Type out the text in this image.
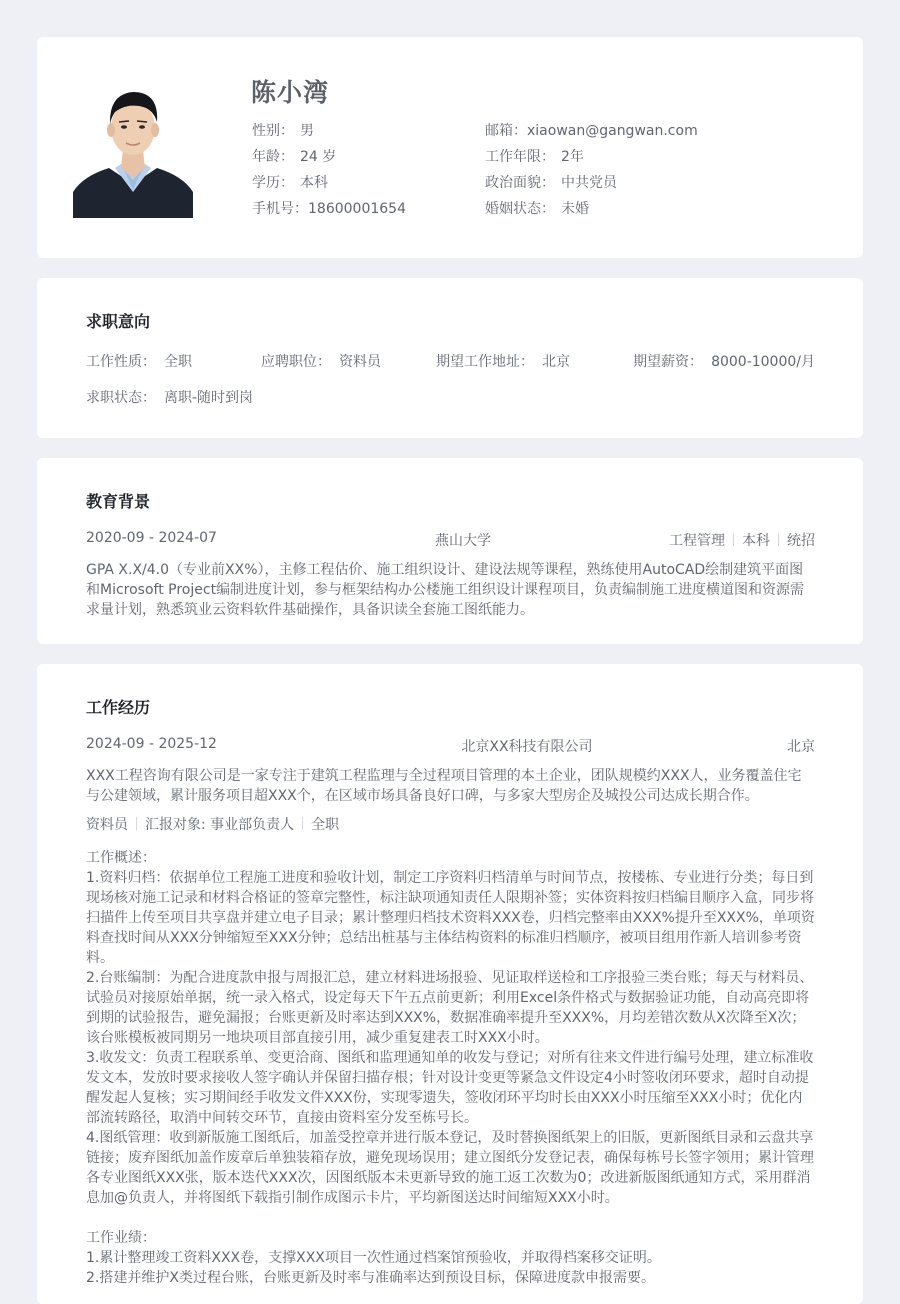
陈小湾
性别： 男
年龄： 24 岁
学历： 本科
手机号：18600001654
邮箱：xiaowan@gangwan.com
工作年限： 2年
政治面貌： 中共党员
婚姻状态： 未婚
求职意向
工作性质： 全职	应聘职位： 资料员	期望工作地址： 北京	期望薪资： 8000-10000/月
求职状态： 离职-随时到岗
教育背景
2020-09 - 2024-07	燕山大学	工程管理 本科 统招
GPA X.X/4.0（专业前XX%），主修工程估价、施工组织设计、建设法规等课程，熟练使用AutoCAD绘制建筑平面图和Microsoft Project编制进度计划，参与框架结构办公楼施工组织设计课程项目，负责编制施工进度横道图和资源需求量计划，熟悉筑业云资料软件基础操作，具备识读全套施工图纸能力。
工作经历
2024-09 - 2025-12	北京XX科技有限公司	北京
XXX工程咨询有限公司是一家专注于建筑工程监理与全过程项目管理的本土企业，团队规模约XXX人，业务覆盖住宅与公建领域，累计服务项目超XXX个，在区域市场具备良好口碑，与多家大型房企及城投公司达成长期合作。
资料员 汇报对象: 事业部负责人 全职
工作概述：
1.资料归档：依据单位工程施工进度和验收计划，制定工序资料归档清单与时间节点，按楼栋、专业进行分类；每日到现场核对施工记录和材料合格证的签章完整性，标注缺项通知责任人限期补签；实体资料按归档编目顺序入盒，同步将扫描件上传至项目共享盘并建立电子目录；累计整理归档技术资料XXX卷，归档完整率由XXX%提升至XXX%，单项资料查找时间从XXX分钟缩短至XXX分钟；总结出桩基与主体结构资料的标准归档顺序，被项目组用作新人培训参考资料。
2.台账编制：为配合进度款申报与周报汇总，建立材料进场报验、见证取样送检和工序报验三类台账；每天与材料员、试验员对接原始单据，统一录入格式，设定每天下午五点前更新；利用Excel条件格式与数据验证功能，自动高亮即将到期的试验报告，避免漏报；台账更新及时率达到XXX%，数据准确率提升至XXX%，月均差错次数从X次降至X次；该台账模板被同期另一地块项目部直接引用，减少重复建表工时XXX小时。
3.收发文：负责工程联系单、变更洽商、图纸和监理通知单的收发与登记；对所有往来文件进行编号处理，建立标准收发文本，发放时要求接收人签字确认并保留扫描存根；针对设计变更等紧急文件设定4小时签收闭环要求，超时自动提醒发起人复核；实习期间经手收发文件XXX份，实现零遗失，签收闭环平均时长由XXX小时压缩至XXX小时；优化内部流转路径，取消中间转交环节，直接由资料室分发至栋号长。
4.图纸管理：收到新版施工图纸后，加盖受控章并进行版本登记，及时替换图纸架上的旧版，更新图纸目录和云盘共享链接；废弃图纸加盖作废章后单独装箱存放，避免现场误用；建立图纸分发登记表，确保每栋号长签字领用；累计管理各专业图纸XXX张，版本迭代XXX次，因图纸版本未更新导致的施工返工次数为0；改进新版图纸通知方式，采用群消息加@负责人，并将图纸下载指引制作成图示卡片，平均新图送达时间缩短XXX小时。
工作业绩：
1.累计整理竣工资料XXX卷，支撑XXX项目一次性通过档案馆预验收，并取得档案移交证明。
2.搭建并维护X类过程台账，台账更新及时率与准确率达到预设目标，保障进度款申报需要。
